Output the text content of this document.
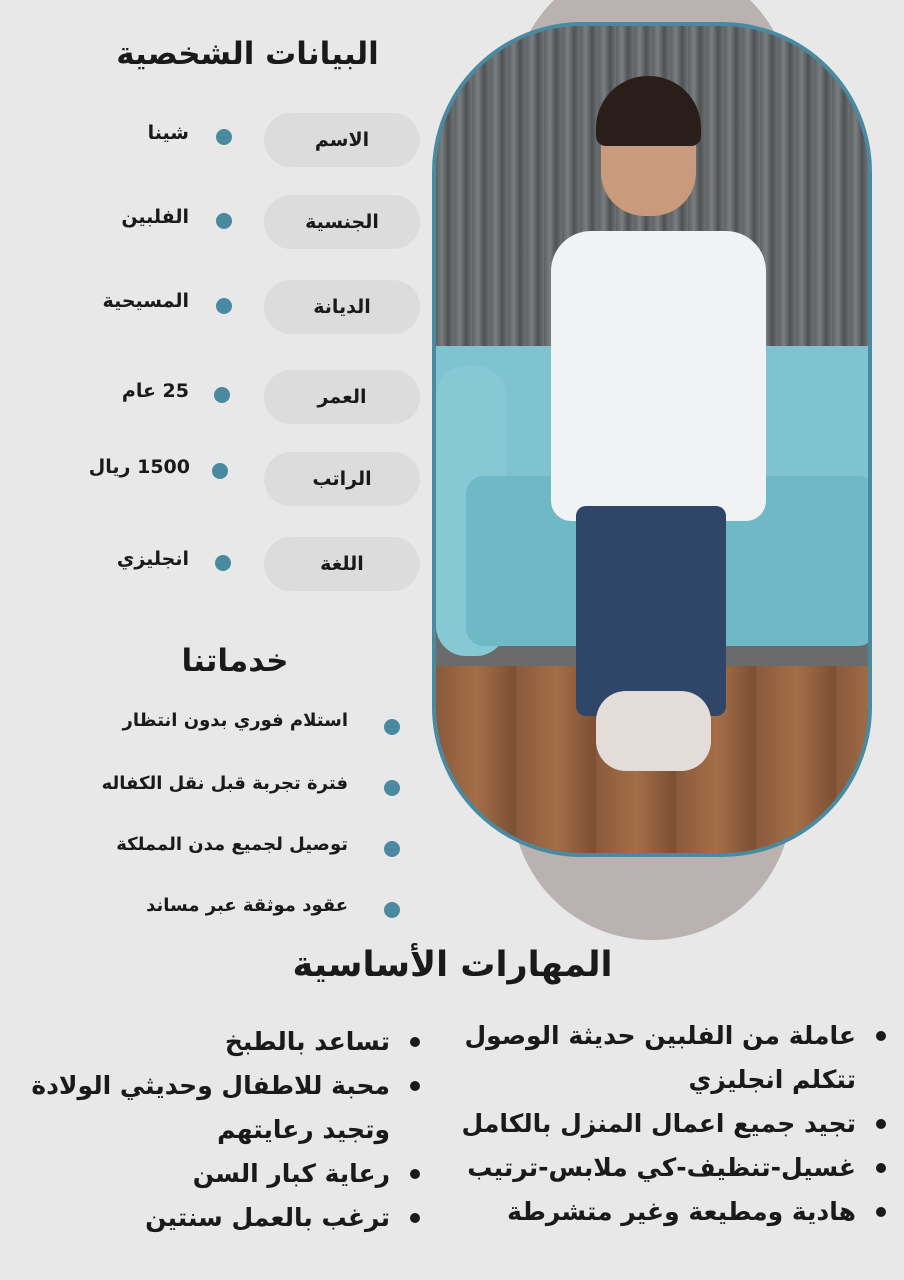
البيانات الشخصية
الاسم
شينا
الجنسية
الفلبين
الديانة
المسيحية
العمر
25 عام
الراتب
1500 ريال
اللغة
انجليزي
خدماتنا
استلام فوري بدون انتظار
فترة تجربة قبل نقل الكفاله
توصيل لجميع مدن المملكة
عقود موثقة عبر مساند
المهارات الأساسية
عاملة من الفلبين حديثة الوصول
تتكلم انجليزي
تجيد جميع اعمال المنزل بالكامل
غسيل-تنظيف-كي ملابس-ترتيب
هادية ومطيعة وغير متشرطة
تساعد بالطبخ
محبة للاطفال وحديثي الولادة
وتجيد رعايتهم
رعاية كبار السن
ترغب بالعمل سنتين
